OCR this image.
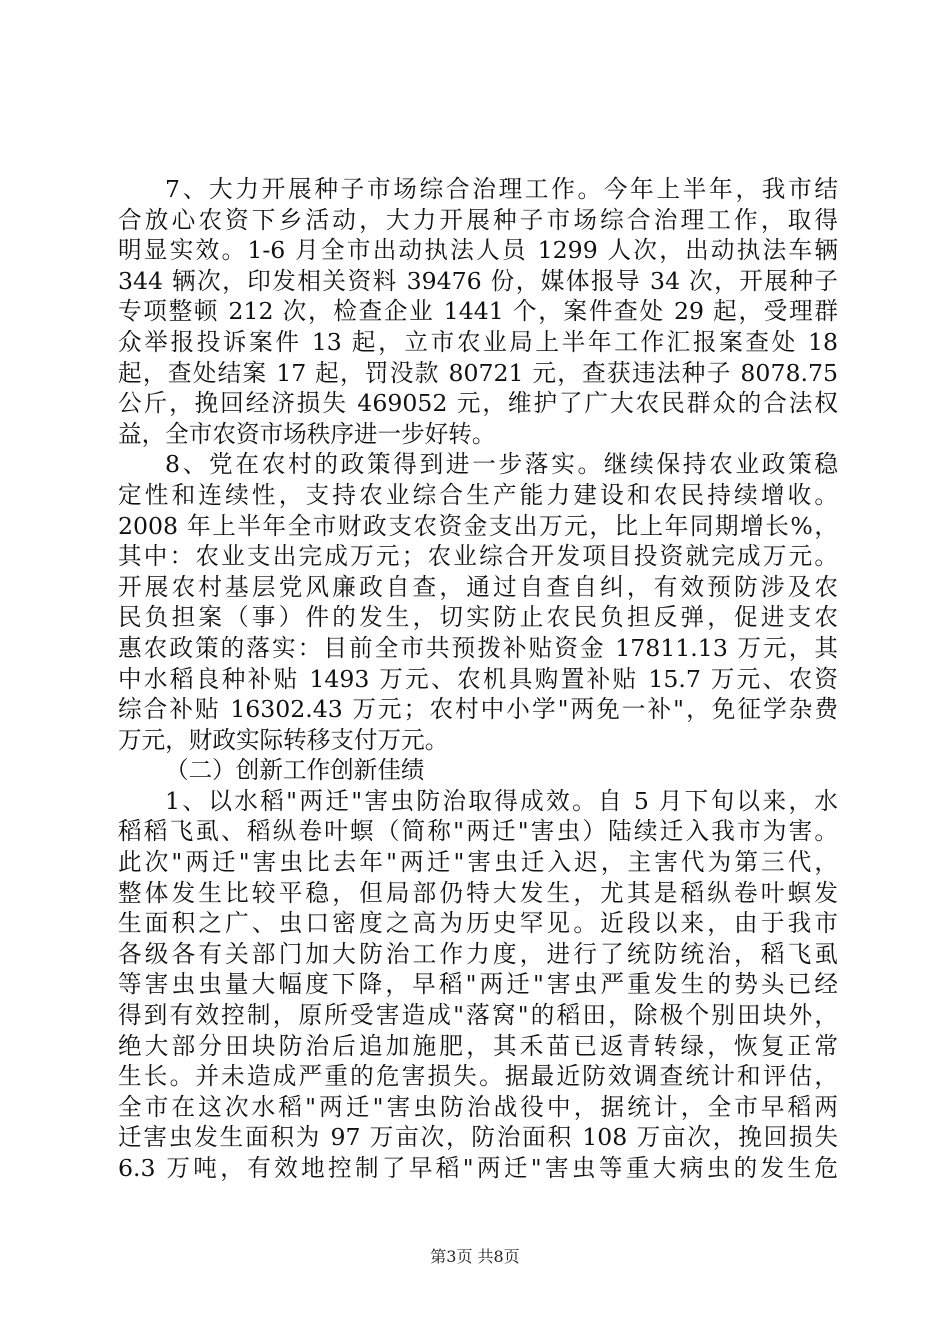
7、大力开展种子市场综合治理工作。今年上半年，我市结
合放心农资下乡活动，大力开展种子市场综合治理工作，取得
明显实效。1-6 月全市出动执法人员 1299 人次，出动执法车辆
344 辆次，印发相关资料 39476 份，媒体报导 34 次，开展种子
专项整顿 212 次，检查企业 1441 个，案件查处 29 起，受理群
众举报投诉案件 13 起，立市农业局上半年工作汇报案查处 18
起，查处结案 17 起，罚没款 80721 元，查获违法种子 8078.75
公斤，挽回经济损失 469052 元，维护了广大农民群众的合法权
益，全市农资市场秩序进一步好转。
8、党在农村的政策得到进一步落实。继续保持农业政策稳
定性和连续性，支持农业综合生产能力建设和农民持续增收。
2008 年上半年全市财政支农资金支出万元，比上年同期增长%，
其中：农业支出完成万元；农业综合开发项目投资就完成万元。
开展农村基层党风廉政自查，通过自查自纠，有效预防涉及农
民负担案（事）件的发生，切实防止农民负担反弹，促进支农
惠农政策的落实：目前全市共预拨补贴资金 17811.13 万元，其
中水稻良种补贴 1493 万元、农机具购置补贴 15.7 万元、农资
综合补贴 16302.43 万元；农村中小学"两免一补"，免征学杂费
万元，财政实际转移支付万元。
（二）创新工作创新佳绩
1、以水稻"两迁"害虫防治取得成效。自 5 月下旬以来，水
稻稻飞虱、稻纵卷叶螟（简称"两迁"害虫）陆续迁入我市为害。
此次"两迁"害虫比去年"两迁"害虫迁入迟，主害代为第三代，
整体发生比较平稳，但局部仍特大发生，尤其是稻纵卷叶螟发
生面积之广、虫口密度之高为历史罕见。近段以来，由于我市
各级各有关部门加大防治工作力度，进行了统防统治，稻飞虱
等害虫虫量大幅度下降，早稻"两迁"害虫严重发生的势头已经
得到有效控制，原所受害造成"落窝"的稻田，除极个别田块外，
绝大部分田块防治后追加施肥，其禾苗已返青转绿，恢复正常
生长。并未造成严重的危害损失。据最近防效调查统计和评估，
全市在这次水稻"两迁"害虫防治战役中，据统计，全市早稻两
迁害虫发生面积为 97 万亩次，防治面积 108 万亩次，挽回损失
6.3 万吨，有效地控制了早稻"两迁"害虫等重大病虫的发生危
第3页 共8页
